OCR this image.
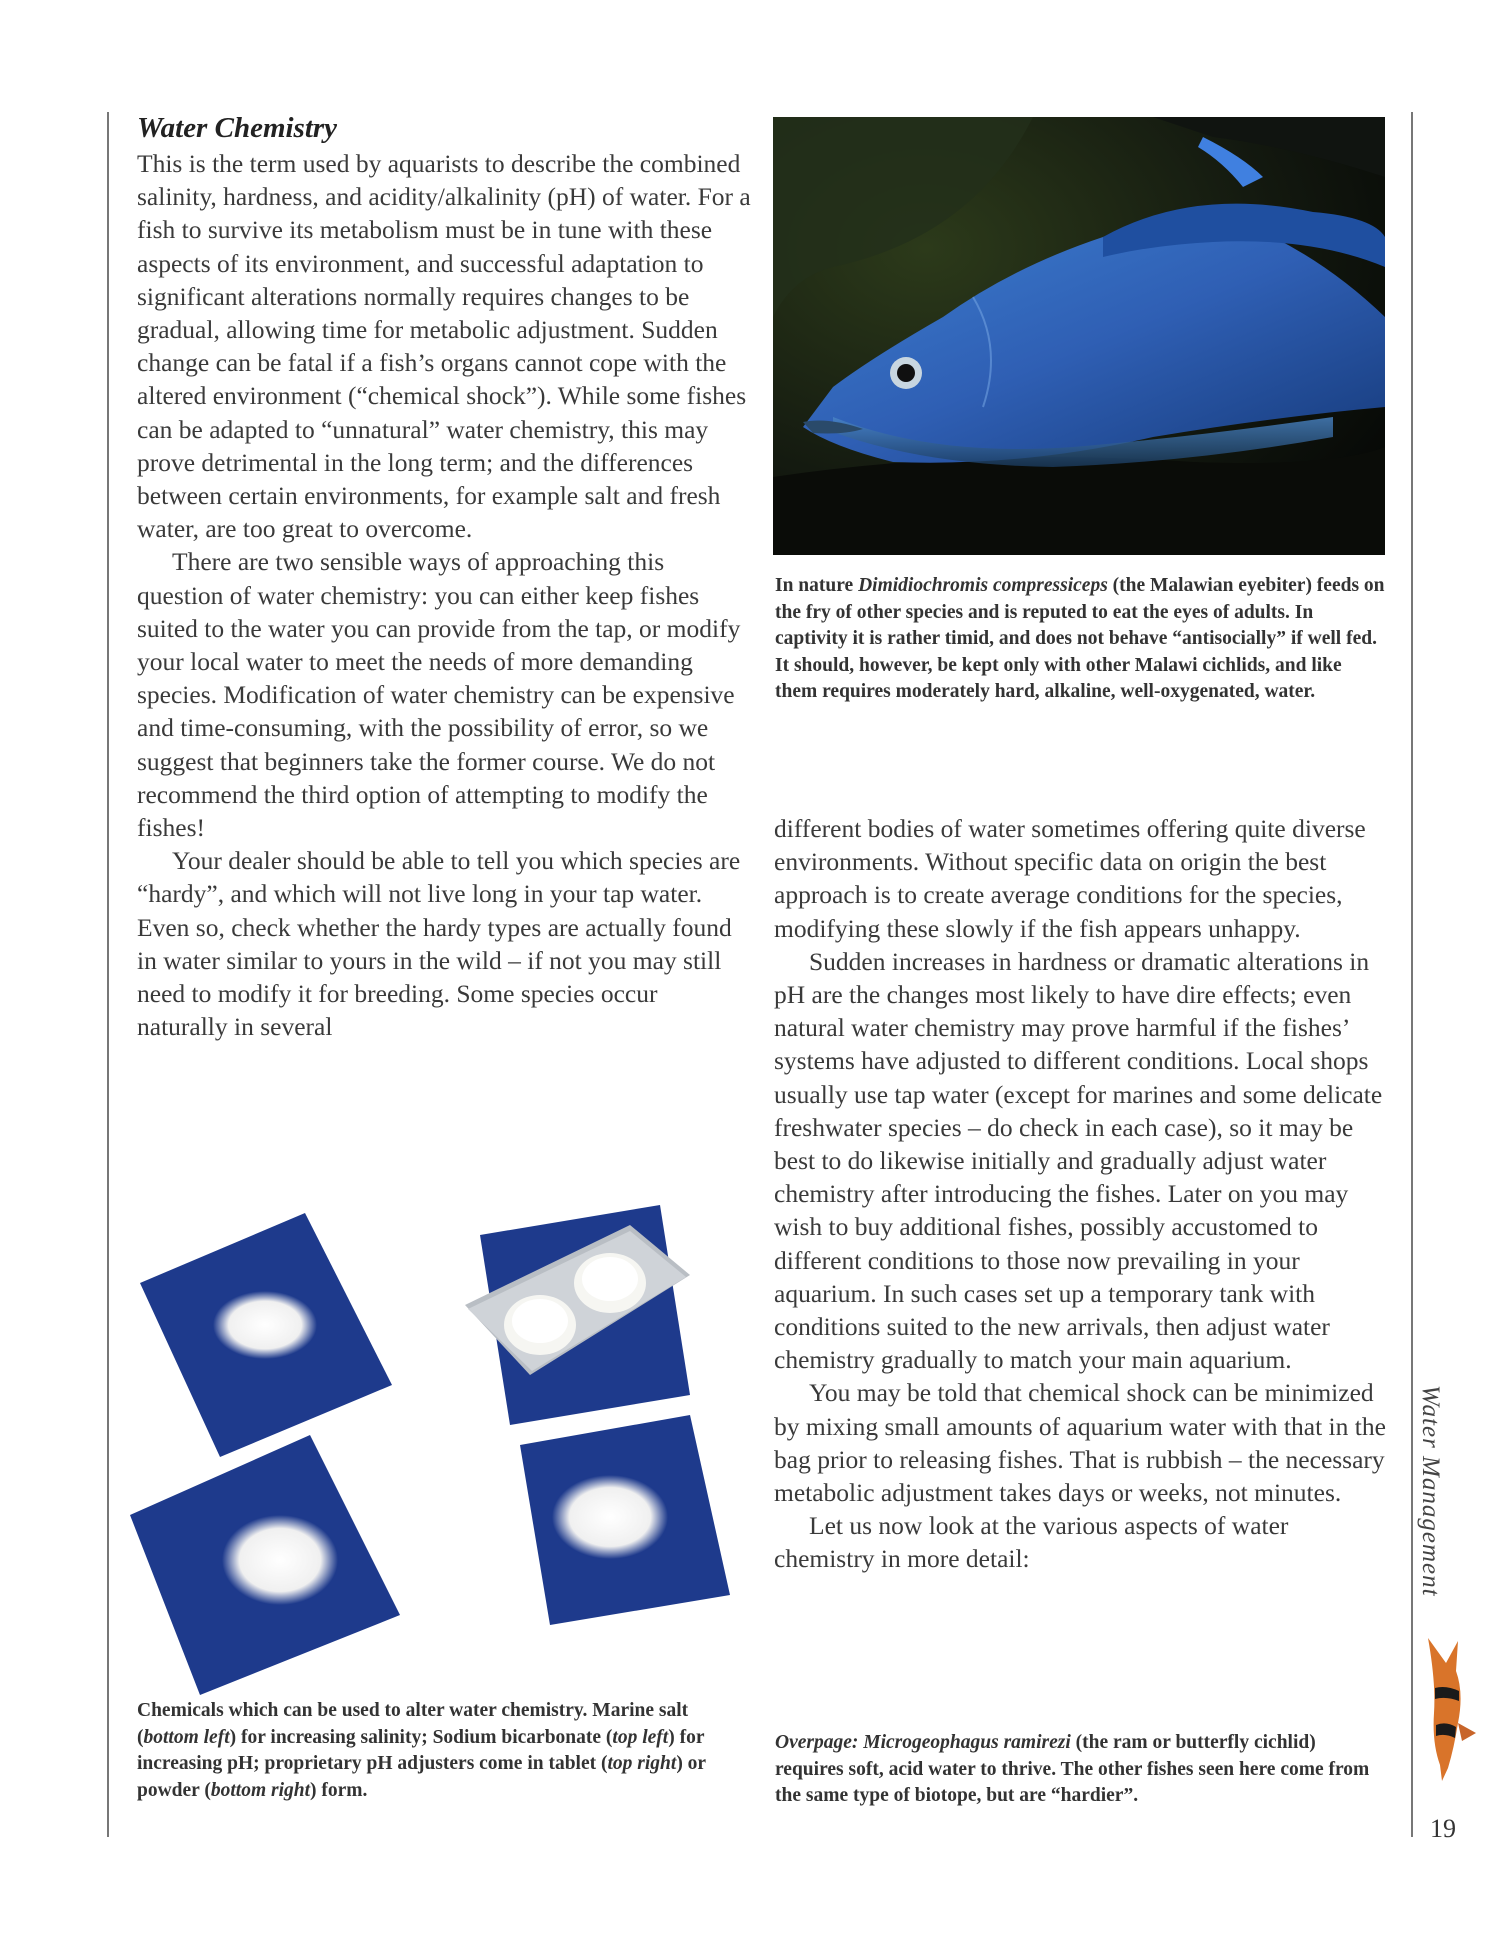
Water Chemistry

This is the term used by aquarists to describe the combined salinity, hardness, and acidity/alkalinity (pH) of water. For a fish to survive its metabolism must be in tune with these aspects of its environment, and successful adaptation to significant alterations normally requires changes to be gradual, allowing time for metabolic adjustment. Sudden change can be fatal if a fish’s organs cannot cope with the altered environment (“chemical shock”). While some fishes can be adapted to “unnatural” water chemistry, this may prove detrimental in the long term; and the differences between certain environments, for example salt and fresh water, are too great to overcome.

There are two sensible ways of approaching this question of water chemistry: you can either keep fishes suited to the water you can provide from the tap, or modify your local water to meet the needs of more demanding species. Modification of water chemistry can be expensive and time-consuming, with the possibility of error, so we suggest that beginners take the former course. We do not recommend the third option of attempting to modify the fishes!

Your dealer should be able to tell you which species are “hardy”, and which will not live long in your tap water. Even so, check whether the hardy types are actually found in water similar to yours in the wild – if not you may still need to modify it for breeding. Some species occur naturally in several

In nature Dimidiochromis compressiceps (the Malawian eyebiter) feeds on the fry of other species and is reputed to eat the eyes of adults. In captivity it is rather timid, and does not behave “antisocially” if well fed. It should, however, be kept only with other Malawi cichlids, and like them requires moderately hard, alkaline, well-oxygenated, water.

different bodies of water sometimes offering quite diverse environments. Without specific data on origin the best approach is to create average conditions for the species, modifying these slowly if the fish appears unhappy.

Sudden increases in hardness or dramatic alterations in pH are the changes most likely to have dire effects; even natural water chemistry may prove harmful if the fishes’ systems have adjusted to different conditions. Local shops usually use tap water (except for marines and some delicate freshwater species – do check in each case), so it may be best to do likewise initially and gradually adjust water chemistry after introducing the fishes. Later on you may wish to buy additional fishes, possibly accustomed to different conditions to those now prevailing in your aquarium. In such cases set up a temporary tank with conditions suited to the new arrivals, then adjust water chemistry gradually to match your main aquarium.

You may be told that chemical shock can be minimized by mixing small amounts of aquarium water with that in the bag prior to releasing fishes. That is rubbish – the necessary metabolic adjustment takes days or weeks, not minutes.

Let us now look at the various aspects of water chemistry in more detail:

Chemicals which can be used to alter water chemistry. Marine salt (bottom left) for increasing salinity; Sodium bicarbonate (top left) for increasing pH; proprietary pH adjusters come in tablet (top right) or powder (bottom right) form.
Overpage: Microgeophagus ramirezi (the ram or butterfly cichlid) requires soft, acid water to thrive. The other fishes seen here come from the same type of biotope, but are “hardier”.
Water Management
19
